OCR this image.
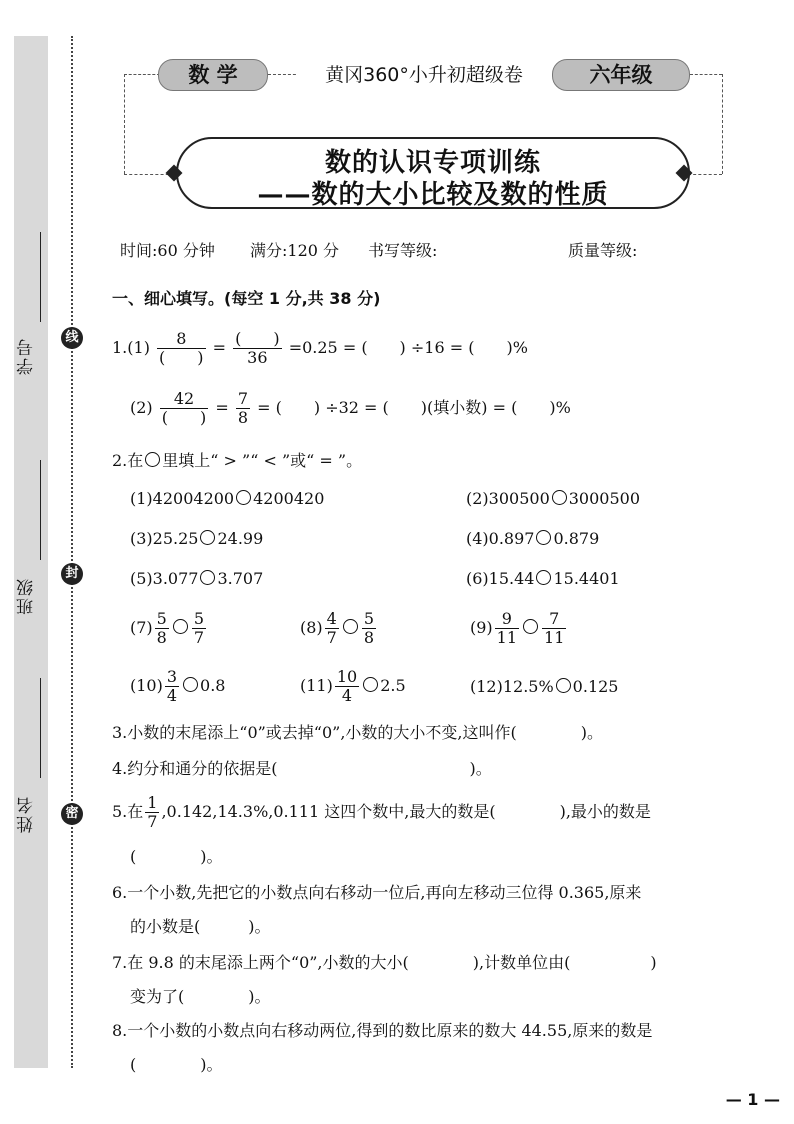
学号
班级
姓名
线
封
密
数 学	黄冈360°小升初超级卷	六年级
数的认识专项训练
——数的大小比较及数的性质
时间:60 分钟 满分:120 分 书写等级:	质量等级:
一、细心填写。(每空 1 分,共 38 分)
$1.(1) \frac{8}{( )} = \frac{( )}{36} =0.25$ = (　　) ÷16 = (　　)%
$(2) \frac{42}{( )} = \frac{7}{8}$ = (　　) ÷32 = (　　)(填小数) = (　　)%
2.在 里填上“ > ”“ < ”或“ = ”。
(1)42004200 4200420	(2)300500 3000500
(3)25.25 24.99	(4)0.897 0.879
(5)3.077 3.707	(6)15.44 15.4401
$(7) \frac{5}{8} \frac{5}{7}$	$(8) \frac{4}{7} \frac{5}{8}$	$(9) \frac{9}{11} \frac{7}{11}$
$(10) \frac{3}{4} 0.8$	$(11) \frac{10}{4} 2.5$	(12)12.5% 0.125
3.小数的末尾添上“0”或去掉“0”,小数的大小不变,这叫作(　　　　)。
4.约分和通分的依据是(　　　　　　　　　　　　)。
5.在 $\frac{1}{7} ,0.142,14.3\%,0.111$ 这四个数中,最大的数是(　　　　),最小的数是
(　　　　)。
6.一个小数,先把它的小数点向右移动一位后,再向左移动三位得 0.365,原来
的小数是(　　　)。
7.在 9.8 的末尾添上两个“0”,小数的大小(　　　　),计数单位由(　　　　　)
变为了(　　　　)。
8.一个小数的小数点向右移动两位,得到的数比原来的数大 44.55,原来的数是
(　　　　)。
— 1 —
